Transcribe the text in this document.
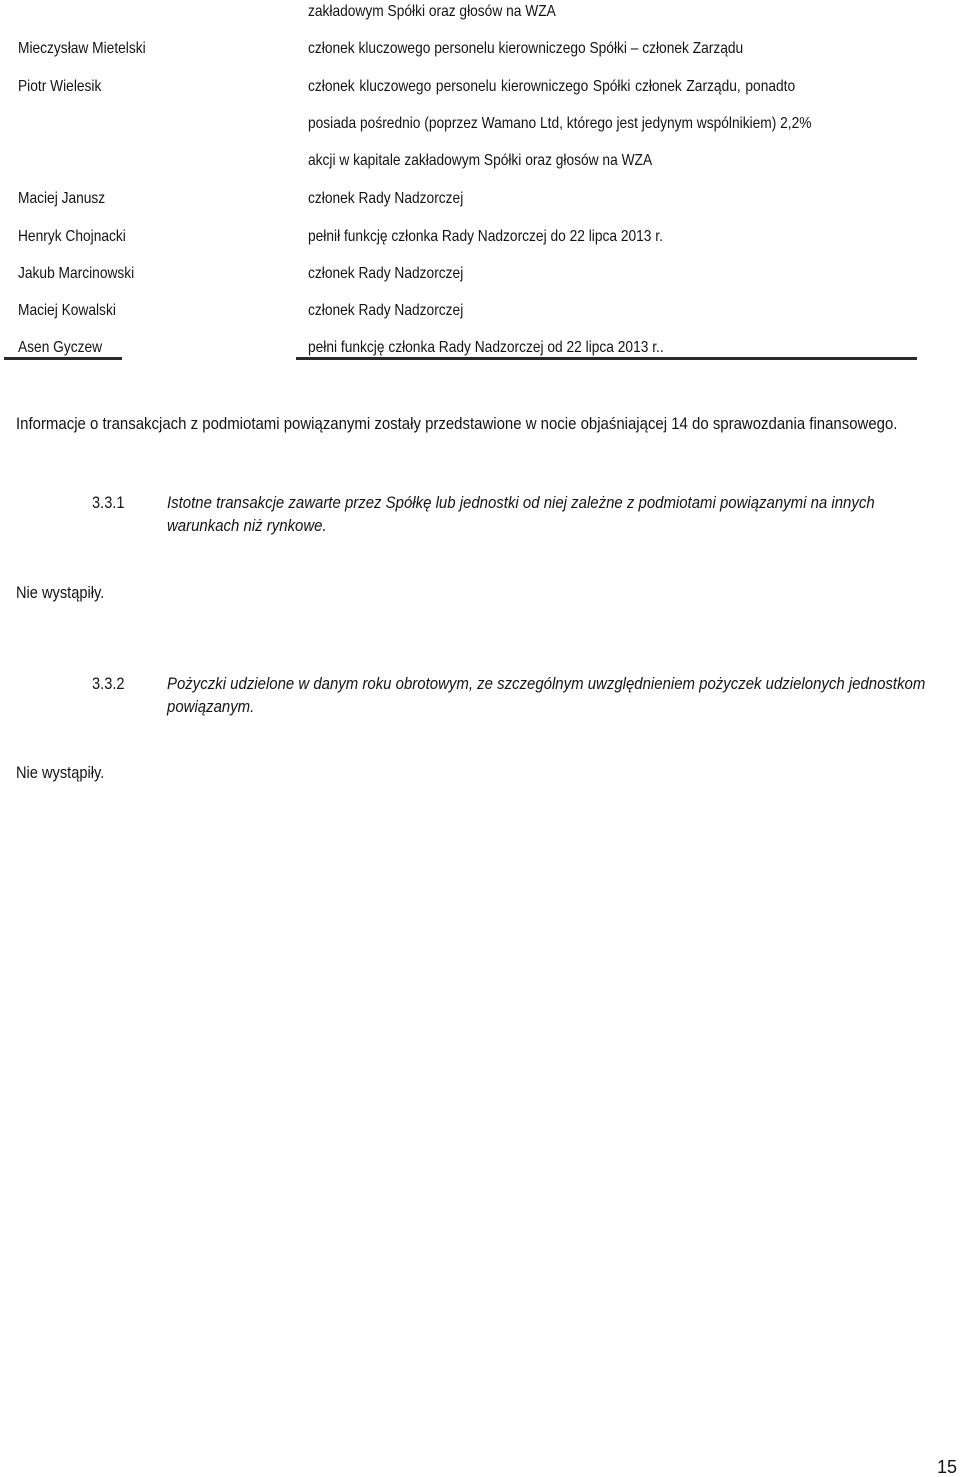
zakładowym Spółki oraz głosów na WZA
Mieczysław Mietelski	członek kluczowego personelu kierowniczego Spółki – członek Zarządu
Piotr Wielesik	członek kluczowego personelu kierowniczego Spółki członek Zarządu, ponadto
posiada pośrednio (poprzez Wamano Ltd, którego jest jedynym wspólnikiem) 2,2%
akcji w kapitale zakładowym Spółki oraz głosów na WZA
Maciej Janusz	członek Rady Nadzorczej
Henryk Chojnacki	pełnił funkcję członka Rady Nadzorczej do 22 lipca 2013 r.
Jakub Marcinowski	członek Rady Nadzorczej
Maciej Kowalski	członek Rady Nadzorczej
Asen Gyczew	pełni funkcję członka Rady Nadzorczej od 22 lipca 2013 r..
Informacje o transakcjach z podmiotami powiązanymi zostały przedstawione w nocie objaśniającej 14 do sprawozdania finansowego.
3.3.1 Istotne transakcje zawarte przez Spółkę lub jednostki od niej zależne z podmiotami powiązanymi na innych warunkach niż rynkowe.
Nie wystąpiły.
3.3.2 Pożyczki udzielone w danym roku obrotowym, ze szczególnym uwzględnieniem pożyczek udzielonych jednostkom powiązanym.
Nie wystąpiły.
15
